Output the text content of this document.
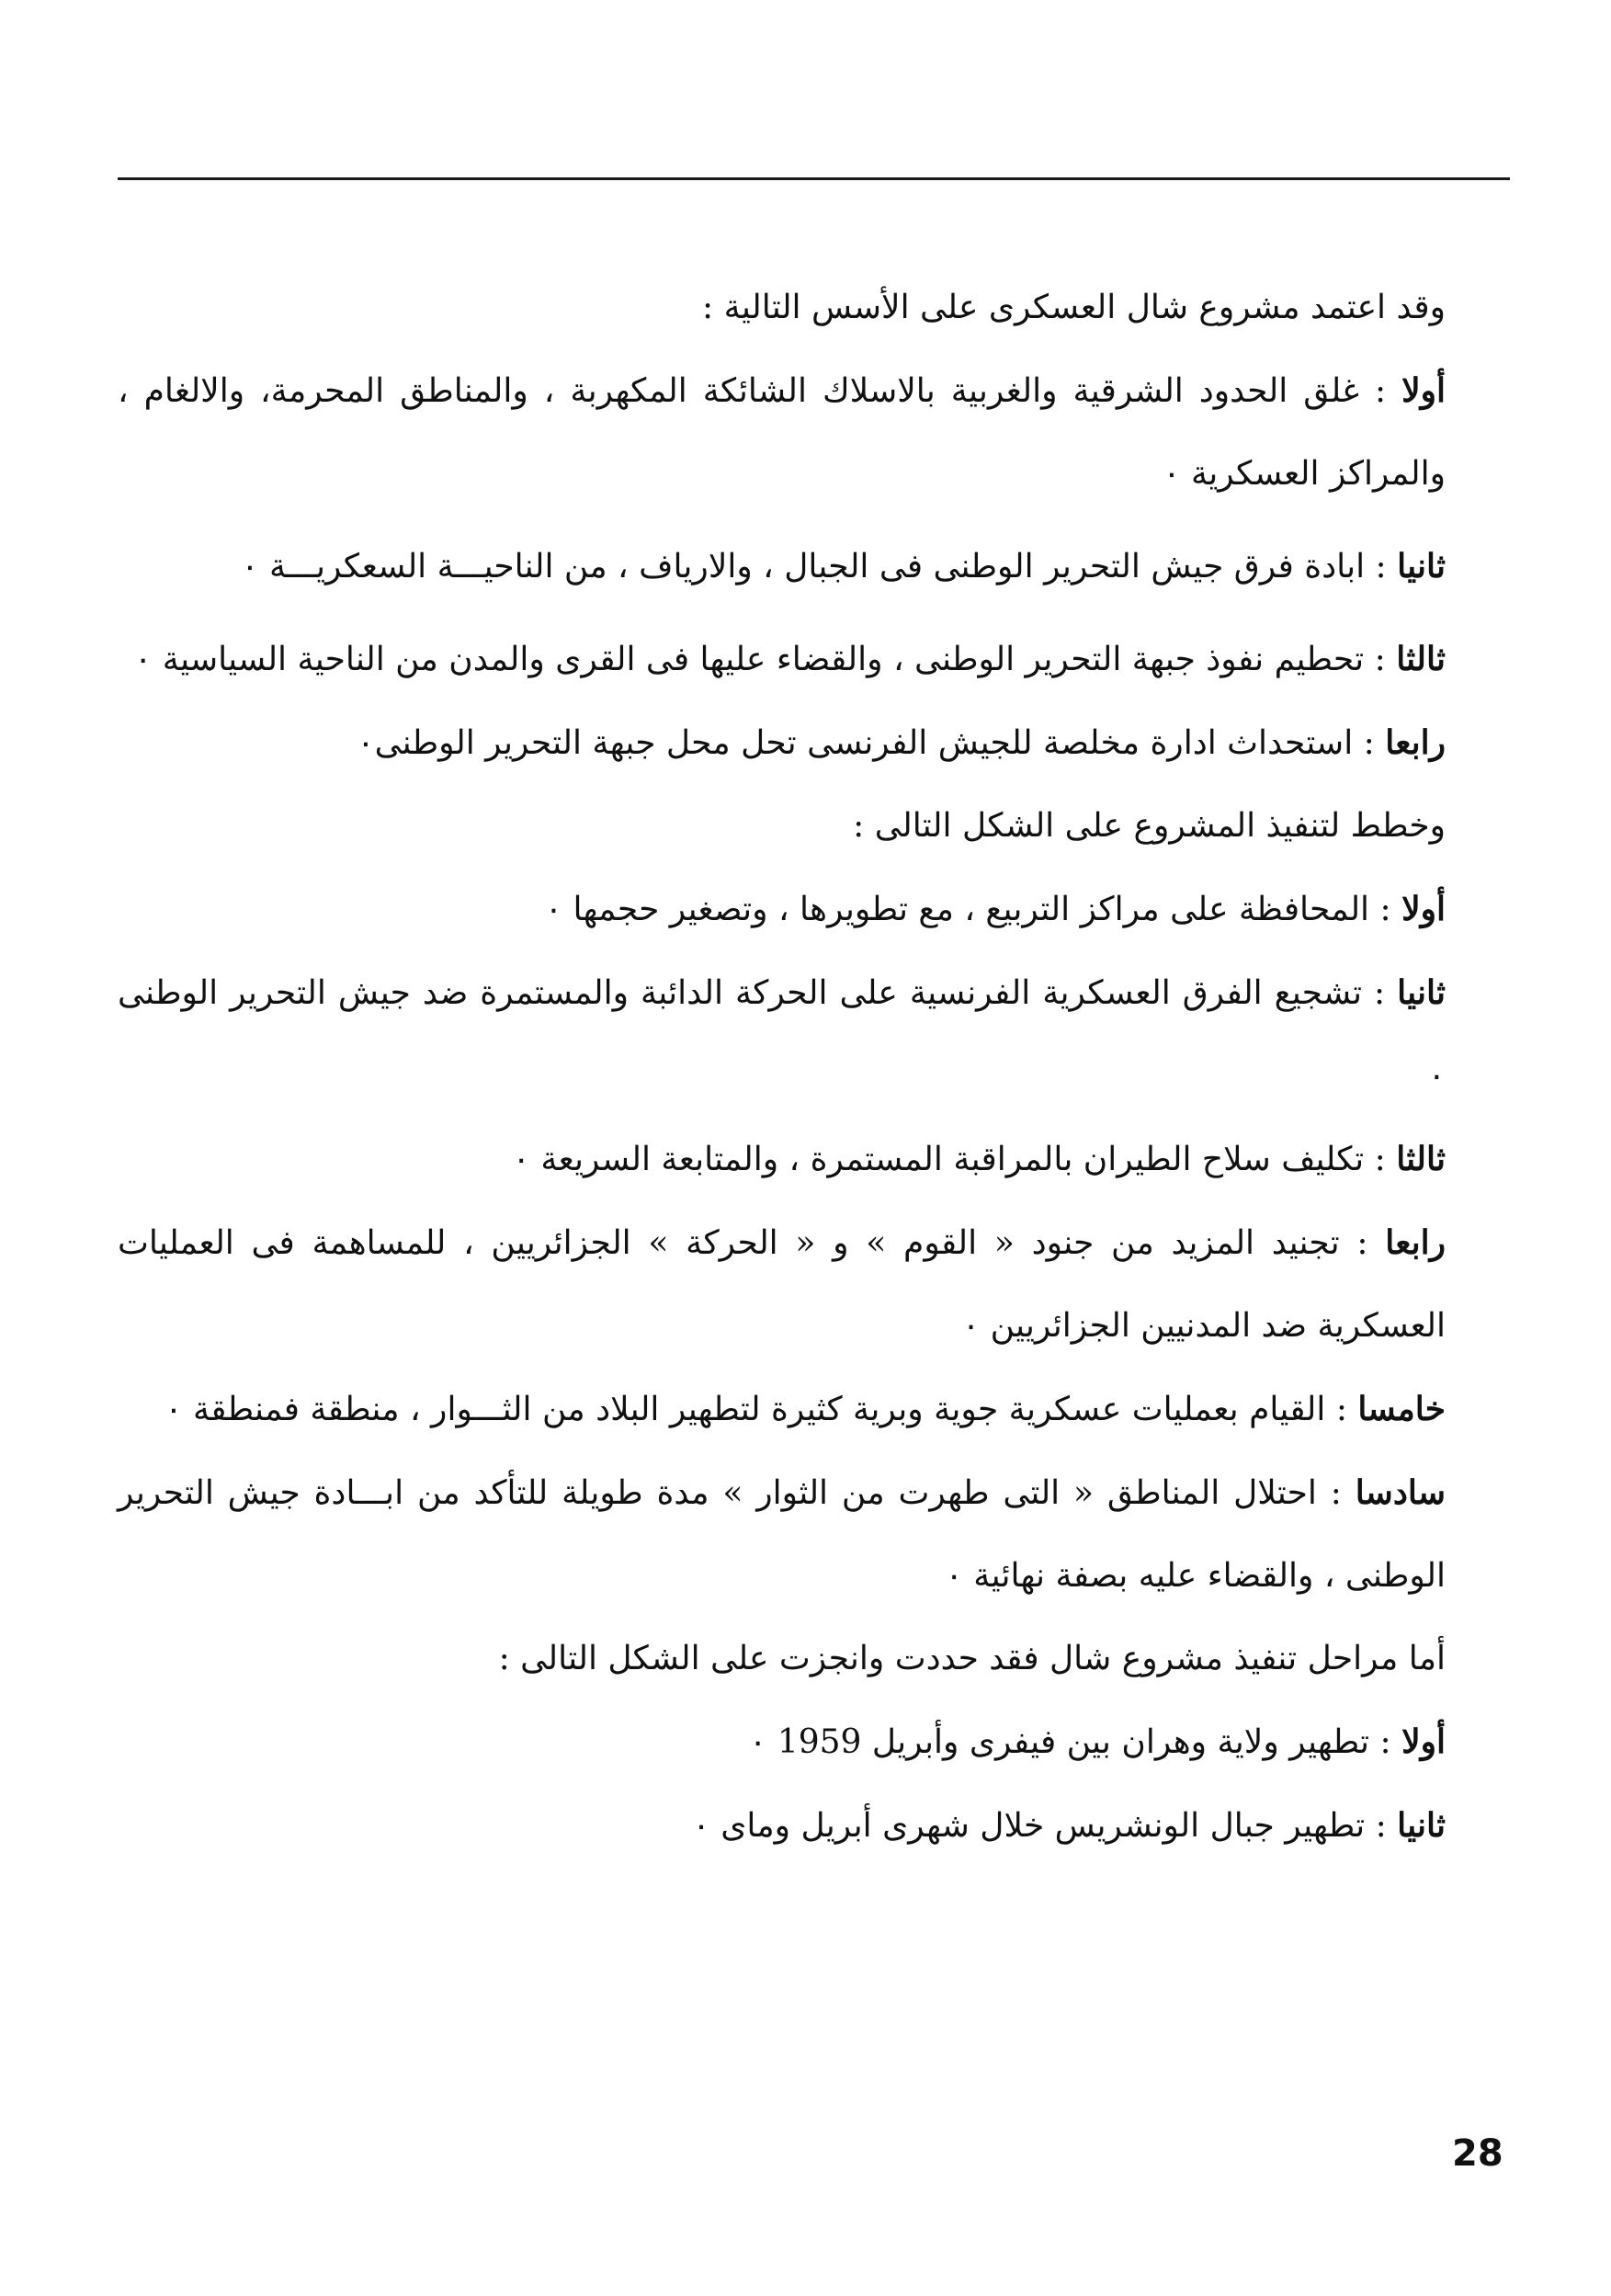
وقد اعتمد مشروع شال العسكرى على الأسس التالية :

أولا : غلق الحدود الشرقية والغربية بالاسلاك الشائكة المكهربة ، والمناطق المحرمة، والالغام ، والمراكز العسكرية ٠

ثانيا : ابادة فرق جيش التحرير الوطنى فى الجبال ، والارياف ، من الناحيـــة السعكريـــة ٠

ثالثا : تحطيم نفوذ جبهة التحرير الوطنى ، والقضاء عليها فى القرى والمدن من الناحية السياسية ٠

رابعا : استحداث ادارة مخلصة للجيش الفرنسى تحل محل جبهة التحرير الوطنى٠

وخطط لتنفيذ المشروع على الشكل التالى :

أولا : المحافظة على مراكز التربيع ، مع تطويرها ، وتصغير حجمها ٠

ثانيا : تشجيع الفرق العسكرية الفرنسية على الحركة الدائبة والمستمرة ضد جيش التحرير الوطنى ٠

ثالثا : تكليف سلاح الطيران بالمراقبة المستمرة ، والمتابعة السريعة ٠

رابعا : تجنيد المزيد من جنود « القوم » و « الحركة » الجزائريين ، للمساهمة فى العمليات العسكرية ضد المدنيين الجزائريين ٠

خامسا : القيام بعمليات عسكرية جوية وبرية كثيرة لتطهير البلاد من الثـــوار ، منطقة فمنطقة ٠

سادسا : احتلال المناطق « التى طهرت من الثوار » مدة طويلة للتأكد من ابـــادة جيش التحرير الوطنى ، والقضاء عليه بصفة نهائية ٠

أما مراحل تنفيذ مشروع شال فقد حددت وانجزت على الشكل التالى :

أولا : تطهير ولاية وهران بين فيفرى وأبريل 1959 ٠

ثانيا : تطهير جبال الونشريس خلال شهرى أبريل وماى ٠

28
